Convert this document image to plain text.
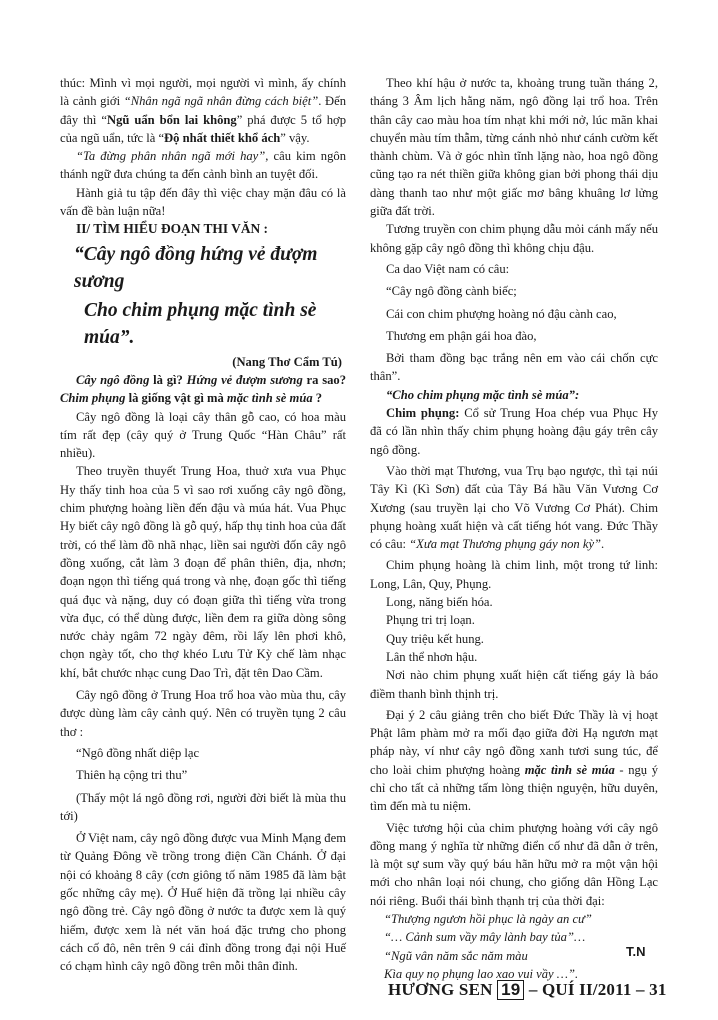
thúc: Mình vì mọi người, mọi người vì mình, ấy chính là cảnh giới “Nhân ngã ngã nhân đừng cách biệt”. Đến đây thì “Ngũ uẩn bổn lai không” phá được 5 tổ hợp của ngũ uẩn, tức là “Độ nhất thiết khổ ách” vậy.

“Ta đừng phân nhân ngã mới hay”, câu kim ngôn thánh ngữ đưa chúng ta đến cảnh bình an tuyệt đối.

Hành giả tu tập đến đây thì việc chay mặn đâu có là vấn đề bàn luận nữa!

II/ TÌM HIỂU ĐOẠN THI VĂN :

“Cây ngô đồng hứng vẻ đượm sương

Cho chim phụng mặc tình sè múa”.

(Nang Thơ Cẩm Tú)

Cây ngô đồng là gì? Hứng vẻ đượm sương ra sao? Chim phụng là giống vật gì mà mặc tình sè múa ?

Cây ngô đồng là loại cây thân gỗ cao, có hoa màu tím rất đẹp (cây quý ở Trung Quốc “Hàn Châu” rất nhiều).

Theo truyền thuyết Trung Hoa, thuở xưa vua Phục Hy thấy tinh hoa của 5 vì sao rơi xuống cây ngô đồng, chim phượng hoàng liền đến đậu và múa hát. Vua Phục Hy biết cây ngô đồng là gỗ quý, hấp thụ tinh hoa của đất trời, có thể làm đồ nhã nhạc, liền sai người đốn cây ngô đồng xuống, cắt làm 3 đoạn để phân thiên, địa, nhơn; đoạn ngọn thì tiếng quá trong và nhẹ, đoạn gốc thì tiếng quá đục và nặng, duy có đoạn giữa thì tiếng vừa trong vừa đục, có thể dùng được, liền đem ra giữa dòng sông nước chảy ngâm 72 ngày đêm, rồi lấy lên phơi khô, chọn ngày tốt, cho thợ khéo Lưu Tử Kỳ chế làm nhạc khí, bắt chước nhạc cung Dao Trì, đặt tên Dao Cầm.

Cây ngô đồng ở Trung Hoa trổ hoa vào mùa thu, cây được dùng làm cây cảnh quý. Nên có truyền tụng 2 câu thơ :

“Ngô đồng nhất diệp lạc

Thiên hạ cộng tri thu”

(Thấy một lá ngô đồng rơi, người đời biết là mùa thu tới)

Ở Việt nam, cây ngô đồng được vua Minh Mạng đem từ Quảng Đông về trồng trong điện Cần Chánh. Ở đại nội có khoảng 8 cây (cơn giông tố năm 1985 đã làm bật gốc những cây mẹ). Ở Huế hiện đã trồng lại nhiều cây ngô đồng trẻ. Cây ngô đồng ở nước ta được xem là quý hiếm, được xem là nét văn hoá đặc trưng cho phong cách cố đô, nên trên 9 cái đỉnh đồng trong đại nội Huế có chạm hình cây ngô đồng trên mỗi thân đỉnh.

Theo khí hậu ở nước ta, khoảng trung tuần tháng 2, tháng 3 Âm lịch hằng năm, ngô đồng lại trổ hoa. Trên thân cây cao màu hoa tím nhạt khi mới nở, lúc mãn khai chuyển màu tím thẫm, từng cánh nhỏ như cánh cườm kết thành chùm. Và ở góc nhìn tĩnh lặng nào, hoa ngô đồng cũng tạo ra nét thiền giữa không gian bởi phong thái dịu dàng thanh tao như một giấc mơ bâng khuâng lơ lửng giữa đất trời.

Tương truyền con chim phụng dẫu mỏi cánh mấy nếu không gặp cây ngô đồng thì không chịu đậu.

Ca dao Việt nam có câu:

“Cây ngô đồng cành biếc;

Cái con chim phượng hoàng nó đậu cành cao,

Thương em phận gái hoa đào,

Bởi tham đồng bạc trắng nên em vào cái chốn cực thân”.

“Cho chim phụng mặc tình sè múa”:

Chim phụng: Cổ sử Trung Hoa chép vua Phục Hy đã có lần nhìn thấy chim phụng hoàng đậu gáy trên cây ngô đồng.

Vào thời mạt Thương, vua Trụ bạo ngược, thì tại núi Tây Kì (Kì Sơn) đất của Tây Bá hầu Văn Vương Cơ Xương (sau truyền lại cho Võ Vương Cơ Phát). Chim phụng hoàng xuất hiện và cất tiếng hót vang. Đức Thầy có câu: “Xưa mạt Thương phụng gáy non kỳ”.

Chim phụng hoàng là chim linh, một trong tứ linh: Long, Lân, Quy, Phụng.

Long, năng biến hóa.

Phụng tri trị loạn.

Quy triệu kết hung.

Lân thể nhơn hậu.

Nơi nào chim phụng xuất hiện cất tiếng gáy là báo điềm thanh bình thịnh trị.

Đại ý 2 câu giảng trên cho biết Đức Thầy là vị hoạt Phật lâm phàm mở ra mối đạo giữa đời Hạ ngươn mạt pháp này, ví như cây ngô đồng xanh tươi sung túc, để cho loài chim phượng hoàng mặc tình sè múa - ngụ ý chỉ cho tất cả những tấm lòng thiện nguyện, hữu duyên, tìm đến mà tu niệm.

Việc tương hội của chim phượng hoàng với cây ngô đồng mang ý nghĩa từ những điển cố như đã dẫn ở trên, là một sự sum vầy quý báu hãn hữu mở ra một vận hội mới cho nhân loại nói chung, cho giống dân Hồng Lạc nói riêng. Buổi thái bình thạnh trị của thời đại:

“Thượng ngươn hồi phục là ngày an cư”

“… Cảnh sum vầy mây lành bay tủa”…

“Ngũ vân năm sắc năm màu

Kìa quy nọ phụng lao xao vui vầy …”.

T.N
HƯƠNG SEN 19 – QUÍ II/2011 – 31
